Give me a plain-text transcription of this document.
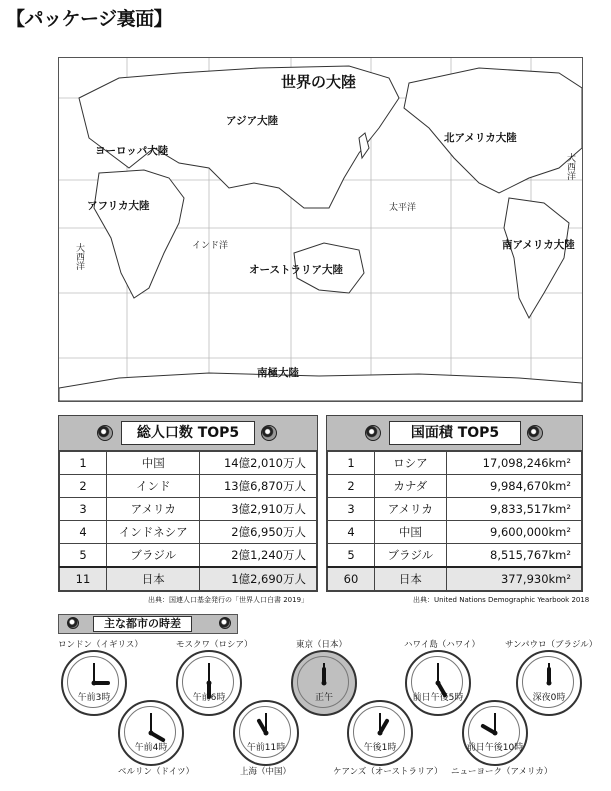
【パッケージ裏面】
世界の大陸
アジア大陸
ヨーロッパ大陸
北アメリカ大陸
アフリカ大陸
南アメリカ大陸
オーストラリア大陸
南極大陸
インド洋
太平洋
大西洋
大西洋
総人口数 TOP5
1	中国	14億2,010万人
2	インド	13億6,870万人
3	アメリカ	3億2,910万人
4	インドネシア	2億6,950万人
5	ブラジル	2億1,240万人
11	日本	1億2,690万人
出典：国連人口基金発行の「世界人口白書 2019」
国面積 TOP5
1	ロシア	17,098,246km²
2	カナダ	9,984,670km²
3	アメリカ	9,833,517km²
4	中国	9,600,000km²
5	ブラジル	8,515,767km²
60	日本	377,930km²
出典：United Nations Demographic Yearbook 2018
主な都市の時差
午前3時
ロンドン（イギリス）
午前4時
ベルリン（ドイツ）
午前6時
モスクワ（ロシア）
午前11時
上海（中国）
正午
東京（日本）
午後1時
ケアンズ（オーストラリア）
前日午後5時
ハワイ島（ハワイ）
前日午後10時
ニューヨーク（アメリカ）
深夜0時
サンパウロ（ブラジル）
